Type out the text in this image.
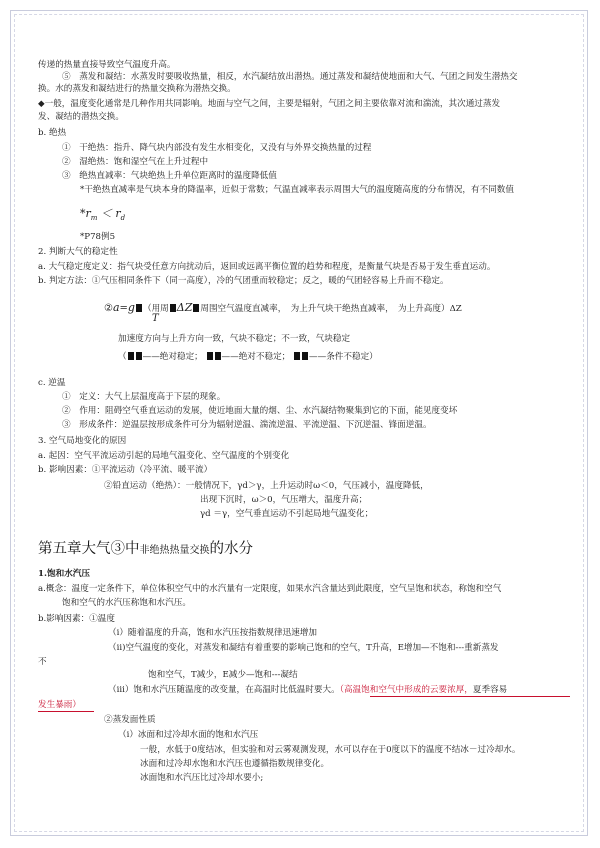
传递的热量直接导致空气温度升高。
⑤　蒸发和凝结：水蒸发时要吸收热量，相反，水汽凝结放出潜热。通过蒸发和凝结使地面和大气、气团之间发生潜热交
换。水的蒸发和凝结进行的热量交换称为潜热交换。
◆一般，温度变化通常是几种作用共同影响。地面与空气之间，主要是辐射，气团之间主要依靠对流和湍流，其次通过蒸发
发、凝结的潜热交换。
b. 绝热
①　干绝热：指升、降气块内部没有发生水相变化，又没有与外界交换热量的过程
②　湿绝热：饱和湿空气在上升过程中
③　绝热直减率：气块绝热上升单位距离时的温度降低值
*干绝热直减率是气块本身的降温率，近似于常数；气温直减率表示周围大气的温度随高度的分布情况，有不同数值
$*r_m < r_d$
*P78例5
2. 判断大气的稳定性
a. 大气稳定度定义：指气块受任意方向扰动后，返回或远离平衡位置的趋势和程度，是衡量气块是否易于发生垂直运动。
b. 判定方法：①气压相同条件下（同一高度），冷的气团重而较稳定；反之，暖的气团轻容易上升而不稳定。
②a=g （用周 ΔZ 周围空气温度直减率，　为上升气块干绝热直减率，　为上升高度）ΔZ
T
加速度方向与上升方向一致，气块不稳定；不一致，气块稳定
（ ——绝对稳定； ——绝对不稳定； ——条件不稳定）
c. 逆温
①　定义：大气上层温度高于下层的现象。
②　作用：阻碍空气垂直运动的发展，使近地面大量的烟、尘、水汽凝结物聚集到它的下面，能见度变坏
③　形成条件：逆温层按形成条件可分为辐射逆温、湍流逆温、平流逆温、下沉逆温、锋面逆温。
3. 空气局地变化的原因
a. 起因：空气平流运动引起的局地气温变化、空气温度的个别变化
b. 影响因素：①平流运动（冷平流、暖平流）
②铅直运动（绝热）：一般情况下，γd＞γ，上升运动时ω＜0，气压减小，温度降低，
出现下沉时，ω＞0，气压增大，温度升高；
γd ＝γ，空气垂直运动不引起局地气温变化；
第五章大气③中非绝热热量交换的水分
1.饱和水汽压
a.概念：温度一定条件下，单位体积空气中的水汽量有一定限度，如果水汽含量达到此限度，空气呈饱和状态，称饱和空气
饱和空气的水汽压称饱和水汽压。
b.影响因素：①温度
（i）随着温度的升高，饱和水汽压按指数规律迅速增加
（ii)空气温度的变化，对蒸发和凝结有着重要的影响己饱和的空气，T升高，E增加—不饱和---重新蒸发
不
饱和空气，T减少，E减少—饱和---凝结
（iii）饱和水汽压随温度的改变量，在高温时比低温时要大。（高温饱和空气中形成的云要浓厚，夏季容易
发生暴雨）
②蒸发面性质
（i）冰面和过冷却水面的饱和水汽压
一般，水低于0度结冰，但实验和对云雾观测发现，水可以存在于0度以下的温度不结冰－过冷却水。
冰面和过冷却水饱和水汽压也遵循指数规律变化。
冰面饱和水汽压比过冷却水要小;
